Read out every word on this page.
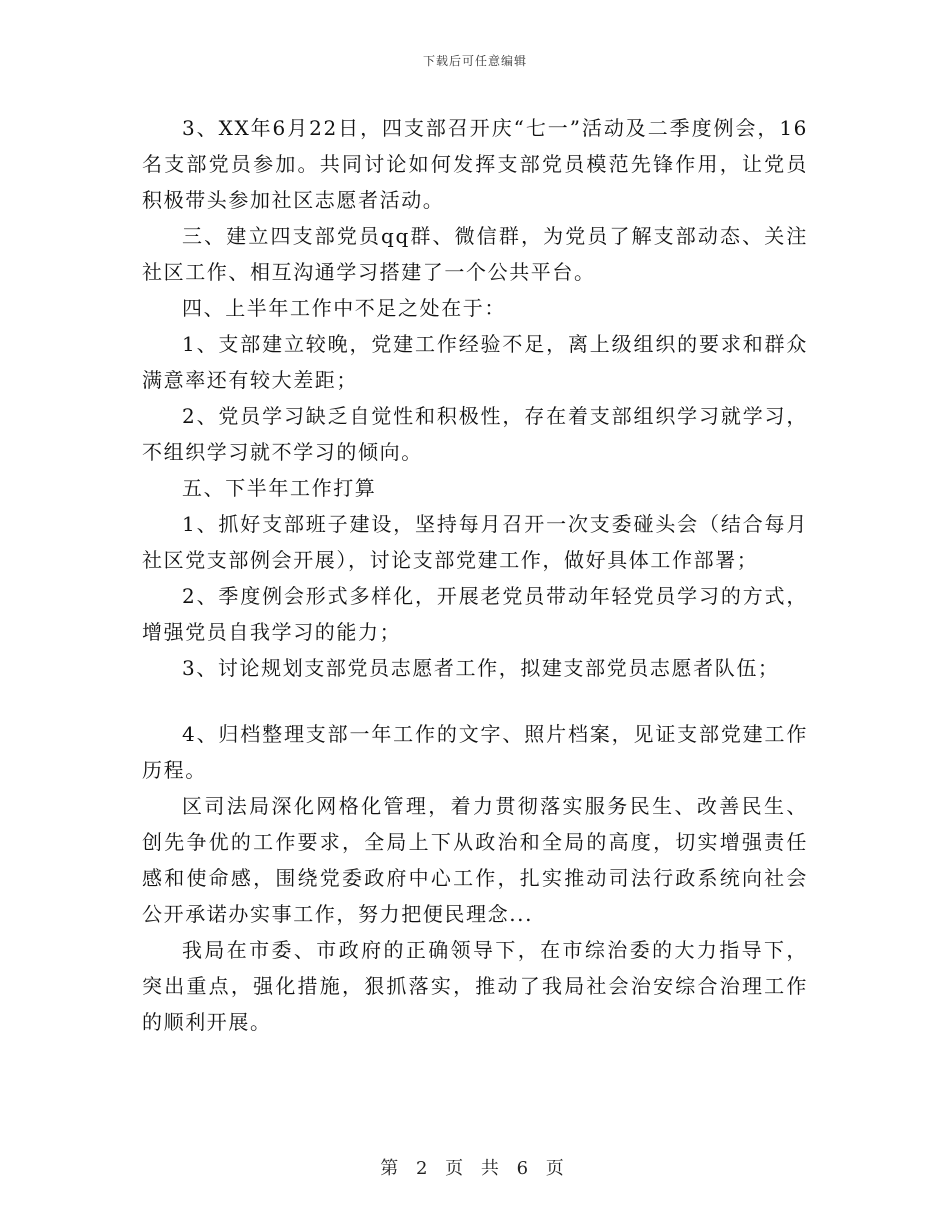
下载后可任意编辑

3、XX年6月22日，四支部召开庆“七一”活动及二季度例会，16名支部党员参加。共同讨论如何发挥支部党员模范先锋作用，让党员积极带头参加社区志愿者活动。

三、建立四支部党员qq群、微信群，为党员了解支部动态、关注社区工作、相互沟通学习搭建了一个公共平台。

四、上半年工作中不足之处在于：

1、支部建立较晚，党建工作经验不足，离上级组织的要求和群众满意率还有较大差距；

2、党员学习缺乏自觉性和积极性，存在着支部组织学习就学习，不组织学习就不学习的倾向。

五、下半年工作打算

1、抓好支部班子建设，坚持每月召开一次支委碰头会（结合每月社区党支部例会开展），讨论支部党建工作，做好具体工作部署；

2、季度例会形式多样化，开展老党员带动年轻党员学习的方式，增强党员自我学习的能力；

3、讨论规划支部党员志愿者工作，拟建支部党员志愿者队伍；

4、归档整理支部一年工作的文字、照片档案，见证支部党建工作历程。

区司法局深化网格化管理，着力贯彻落实服务民生、改善民生、创先争优的工作要求，全局上下从政治和全局的高度，切实增强责任感和使命感，围绕党委政府中心工作，扎实推动司法行政系统向社会公开承诺办实事工作，努力把便民理念...

我局在市委、市政府的正确领导下，在市综治委的大力指导下，突出重点，强化措施，狠抓落实，推动了我局社会治安综合治理工作的顺利开展。

第 2 页 共 6 页
